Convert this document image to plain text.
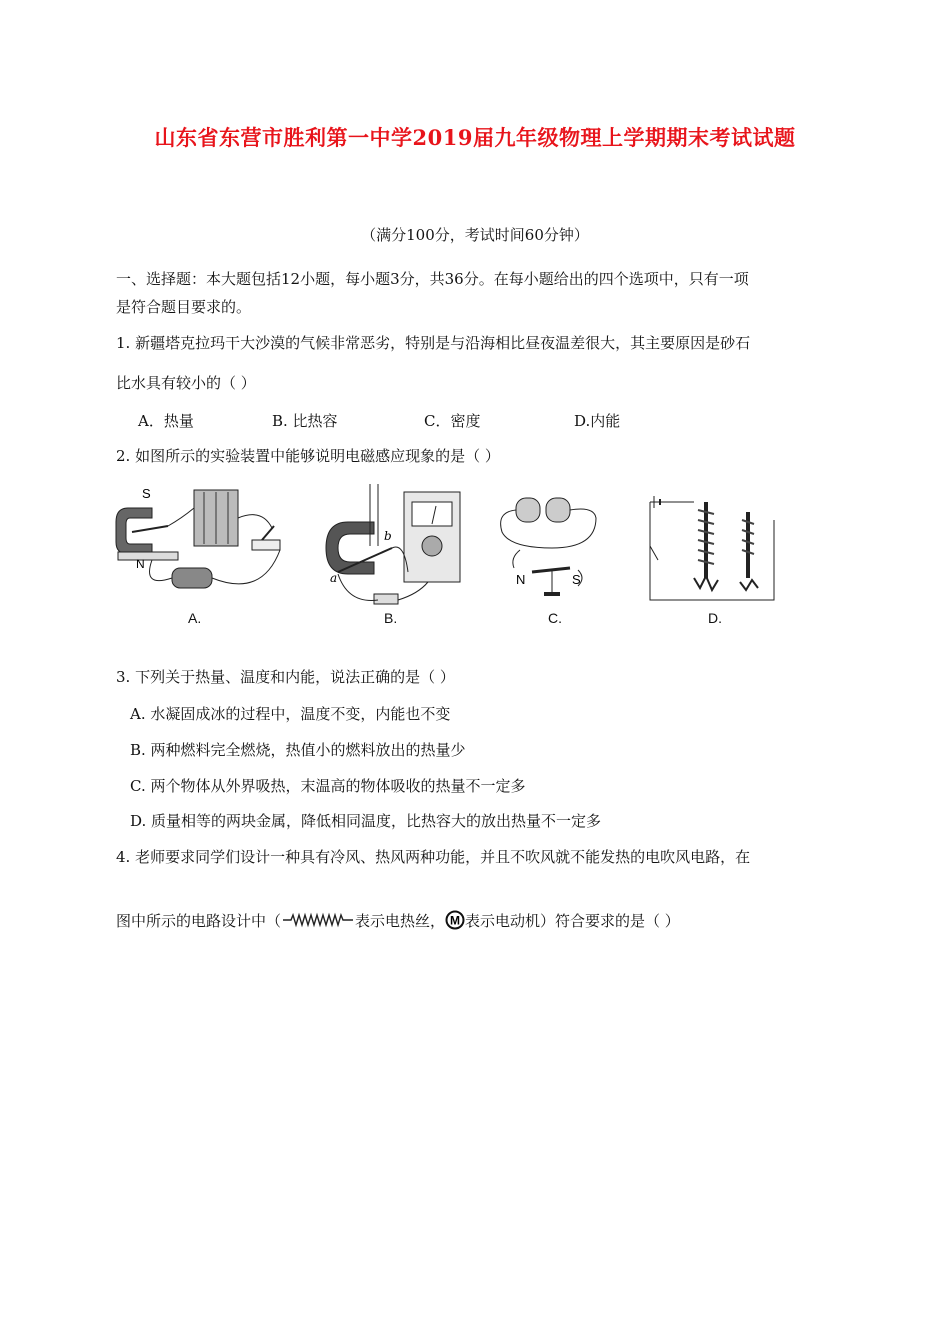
山东省东营市胜利第一中学2019届九年级物理上学期期末考试试题
（满分100分，考试时间60分钟）
一、选择题：本大题包括12小题，每小题3分，共36分。在每小题给出的四个选项中，只有一项
是符合题目要求的。
1. 新疆塔克拉玛干大沙漠的气候非常恶劣，特别是与沿海相比昼夜温差很大，其主要原因是砂石
比水具有较小的（ ）
A．热量	B. 比热容	C．密度	D.内能
2. 如图所示的实验装置中能够说明电磁感应现象的是（ ）
S
N
A.
a
b
B.
N	S
C.	D.
3. 下列关于热量、温度和内能，说法正确的是（ ）
A. 水凝固成冰的过程中，温度不变，内能也不变
B. 两种燃料完全燃烧，热值小的燃料放出的热量少
C. 两个物体从外界吸热，末温高的物体吸收的热量不一定多
D. 质量相等的两块金属，降低相同温度，比热容大的放出热量不一定多
4. 老师要求同学们设计一种具有冷风、热风两种功能，并且不吹风就不能发热的电吹风电路，在
图中所示的电路设计中（	表示电热丝， M 表示电动机）符合要求的是（ ）
